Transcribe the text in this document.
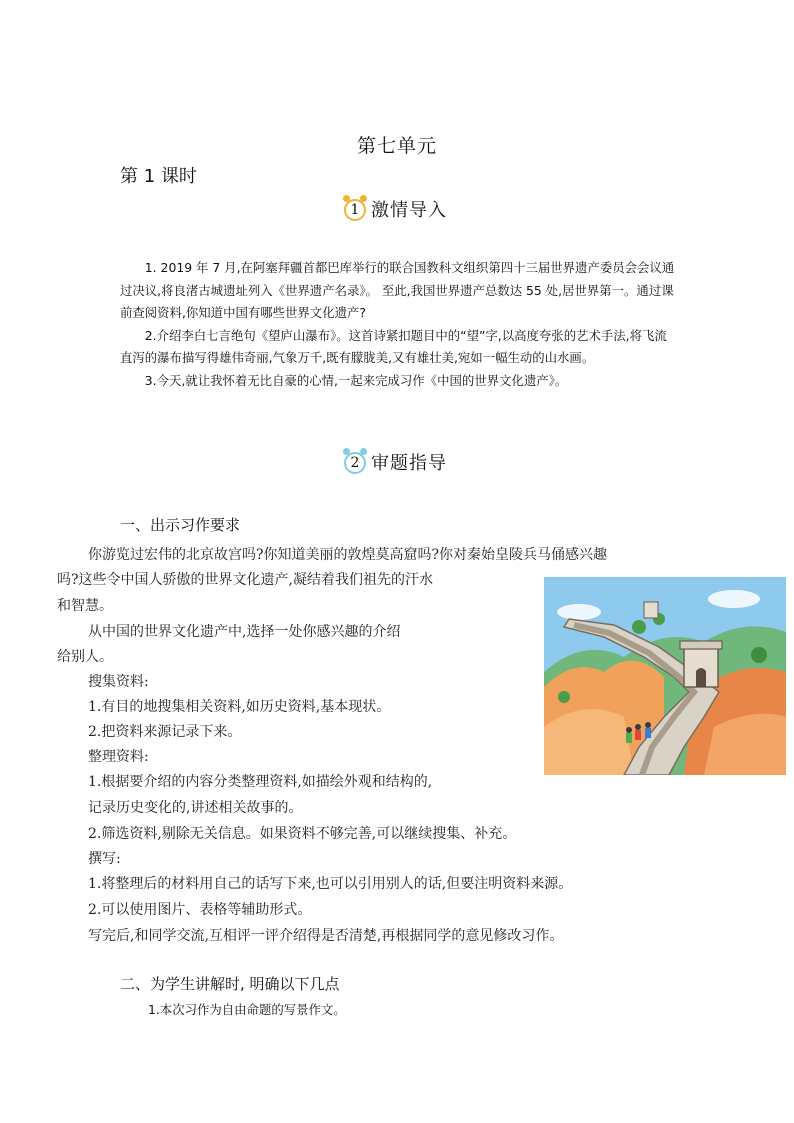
第七单元
第 1 课时
1 激情导入

1. 2019 年 7 月,在阿塞拜疆首都巴库举行的联合国教科文组织第四十三届世界遗产委员会会议通过决议,将良渚古城遗址列入《世界遗产名录》。 至此,我国世界遗产总数达 55 处,居世界第一。通过课前查阅资料,你知道中国有哪些世界文化遗产?

2.介绍李白七言绝句《望庐山瀑布》。这首诗紧扣题目中的“望”字,以高度夸张的艺术手法,将飞流直泻的瀑布描写得雄伟奇丽,气象万千,既有朦胧美,又有雄壮美,宛如一幅生动的山水画。

3.今天,就让我怀着无比自豪的心情,一起来完成习作《中国的世界文化遗产》。

2 审题指导
一、出示习作要求

你游览过宏伟的北京故宫吗?你知道美丽的敦煌莫高窟吗?你对秦始皇陵兵马俑感兴趣

吗?这些令中国人骄傲的世界文化遗产,凝结着我们祖先的汗水

和智慧。

从中国的世界文化遗产中,选择一处你感兴趣的介绍

给别人。

搜集资料:

1.有目的地搜集相关资料,如历史资料,基本现状。

2.把资料来源记录下来。

整理资料:

1.根据要介绍的内容分类整理资料,如描绘外观和结构的,

记录历史变化的,讲述相关故事的。

2.筛选资料,剔除无关信息。如果资料不够完善,可以继续搜集、补充。

撰写:

1.将整理后的材料用自己的话写下来,也可以引用别人的话,但要注明资料来源。

2.可以使用图片、表格等辅助形式。

写完后,和同学交流,互相评一评介绍得是否清楚,再根据同学的意见修改习作。

二、为学生讲解时, 明确以下几点
1.本次习作为自由命题的写景作文。
